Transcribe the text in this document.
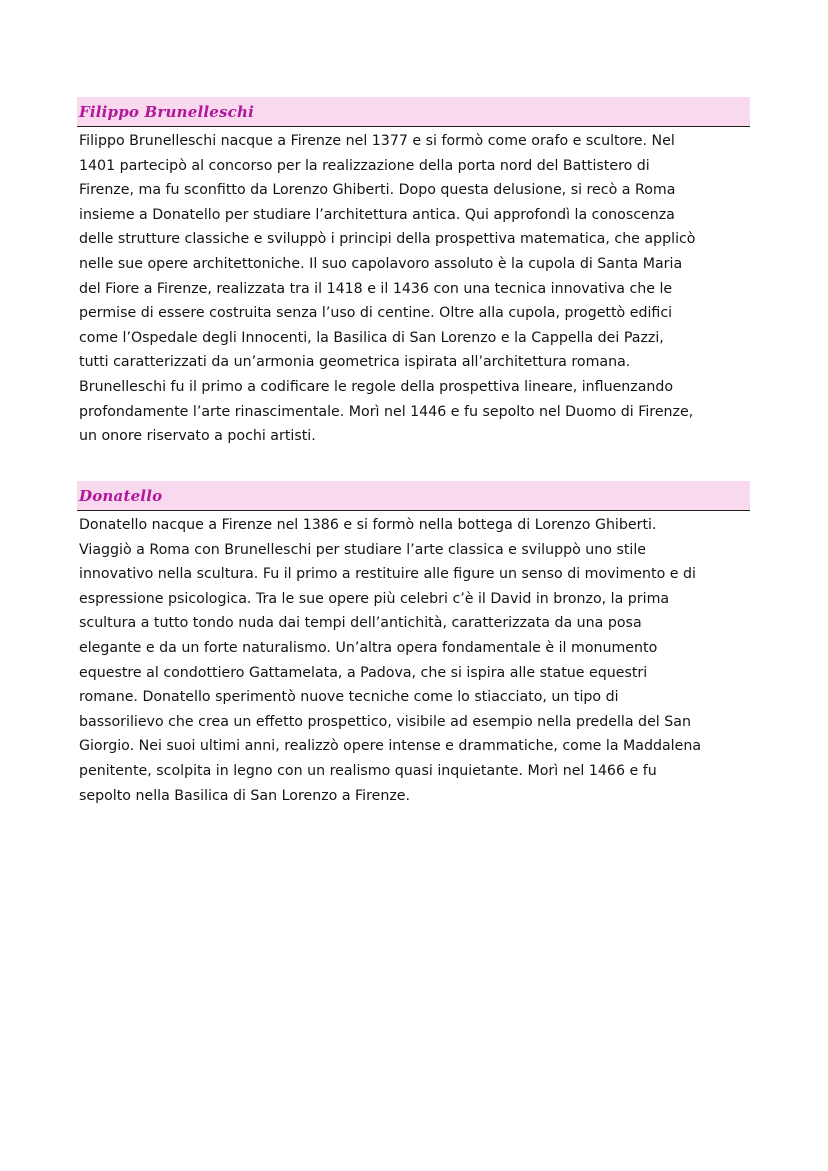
Filippo Brunelleschi

Filippo Brunelleschi nacque a Firenze nel 1377 e si formò come orafo e scultore. Nel
1401 partecipò al concorso per la realizzazione della porta nord del Battistero di
Firenze, ma fu sconfitto da Lorenzo Ghiberti. Dopo questa delusione, si recò a Roma
insieme a Donatello per studiare l’architettura antica. Qui approfondì la conoscenza
delle strutture classiche e sviluppò i principi della prospettiva matematica, che applicò
nelle sue opere architettoniche. Il suo capolavoro assoluto è la cupola di Santa Maria
del Fiore a Firenze, realizzata tra il 1418 e il 1436 con una tecnica innovativa che le
permise di essere costruita senza l’uso di centine. Oltre alla cupola, progettò edifici
come l’Ospedale degli Innocenti, la Basilica di San Lorenzo e la Cappella dei Pazzi,
tutti caratterizzati da un’armonia geometrica ispirata all’architettura romana.
Brunelleschi fu il primo a codificare le regole della prospettiva lineare, influenzando
profondamente l’arte rinascimentale. Morì nel 1446 e fu sepolto nel Duomo di Firenze,
un onore riservato a pochi artisti.

Donatello

Donatello nacque a Firenze nel 1386 e si formò nella bottega di Lorenzo Ghiberti.
Viaggiò a Roma con Brunelleschi per studiare l’arte classica e sviluppò uno stile
innovativo nella scultura. Fu il primo a restituire alle figure un senso di movimento e di
espressione psicologica. Tra le sue opere più celebri c’è il David in bronzo, la prima
scultura a tutto tondo nuda dai tempi dell’antichità, caratterizzata da una posa
elegante e da un forte naturalismo. Un’altra opera fondamentale è il monumento
equestre al condottiero Gattamelata, a Padova, che si ispira alle statue equestri
romane. Donatello sperimentò nuove tecniche come lo stiacciato, un tipo di
bassorilievo che crea un effetto prospettico, visibile ad esempio nella predella del San
Giorgio. Nei suoi ultimi anni, realizzò opere intense e drammatiche, come la Maddalena
penitente, scolpita in legno con un realismo quasi inquietante. Morì nel 1466 e fu
sepolto nella Basilica di San Lorenzo a Firenze.
